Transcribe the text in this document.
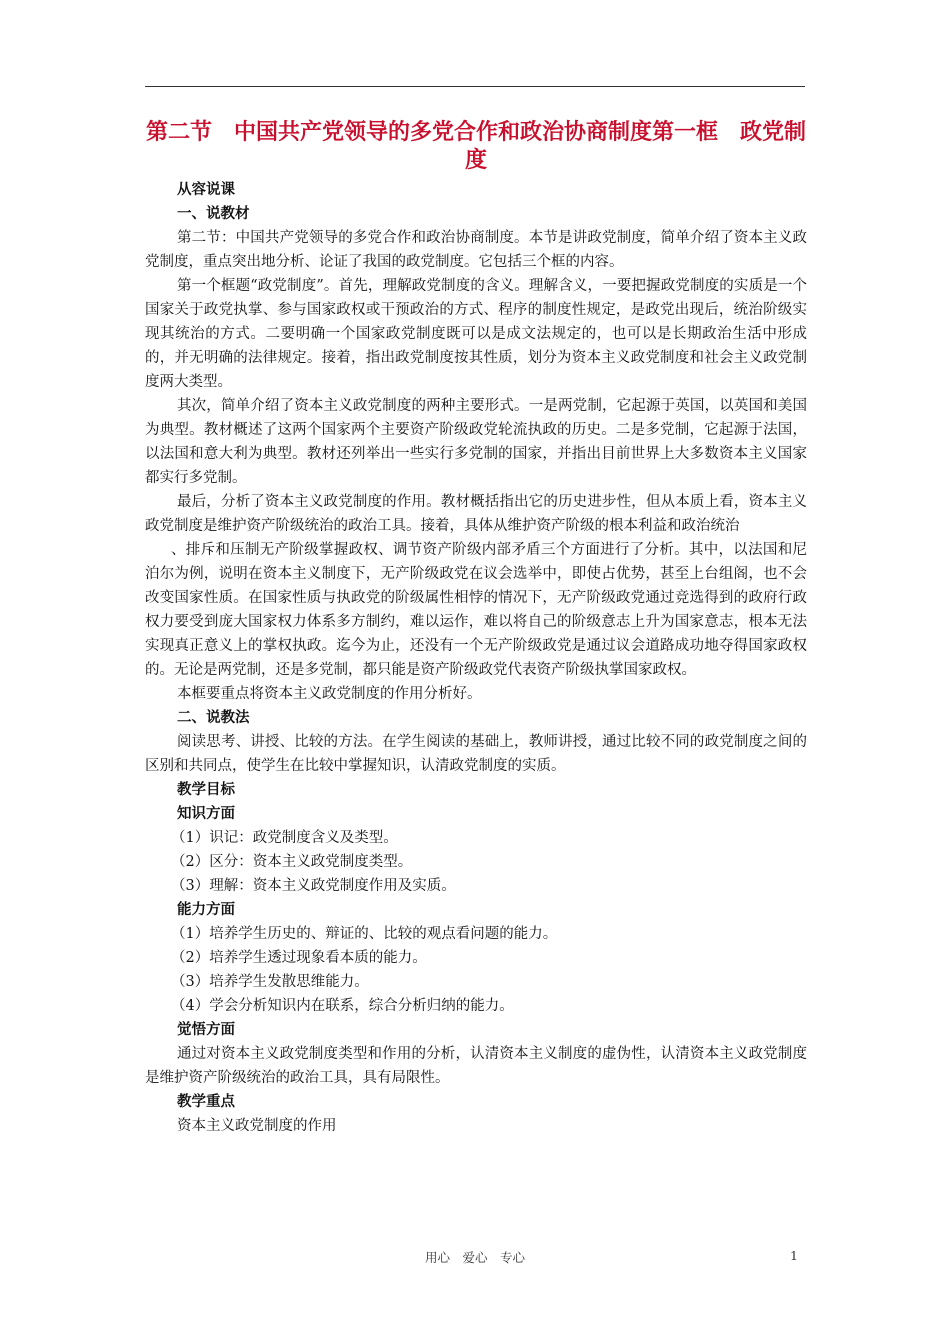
第二节　中国共产党领导的多党合作和政治协商制度第一框　政党制度

从容说课

一、说教材

第二节：中国共产党领导的多党合作和政治协商制度。本节是讲政党制度，简单介绍了资本主义政党制度，重点突出地分析、论证了我国的政党制度。它包括三个框的内容。

第一个框题“政党制度”。首先，理解政党制度的含义。理解含义，一要把握政党制度的实质是一个国家关于政党执掌、参与国家政权或干预政治的方式、程序的制度性规定，是政党出现后，统治阶级实现其统治的方式。二要明确一个国家政党制度既可以是成文法规定的，也可以是长期政治生活中形成的，并无明确的法律规定。接着，指出政党制度按其性质，划分为资本主义政党制度和社会主义政党制度两大类型。

其次，简单介绍了资本主义政党制度的两种主要形式。一是两党制，它起源于英国，以英国和美国为典型。教材概述了这两个国家两个主要资产阶级政党轮流执政的历史。二是多党制，它起源于法国，以法国和意大利为典型。教材还列举出一些实行多党制的国家，并指出目前世界上大多数资本主义国家都实行多党制。

最后，分析了资本主义政党制度的作用。教材概括指出它的历史进步性，但从本质上看，资本主义政党制度是维护资产阶级统治的政治工具。接着，具体从维护资产阶级的根本利益和政治统治

、排斥和压制无产阶级掌握政权、调节资产阶级内部矛盾三个方面进行了分析。其中，以法国和尼泊尔为例，说明在资本主义制度下，无产阶级政党在议会选举中，即使占优势，甚至上台组阁，也不会改变国家性质。在国家性质与执政党的阶级属性相悖的情况下，无产阶级政党通过竞选得到的政府行政权力要受到庞大国家权力体系多方制约，难以运作，难以将自己的阶级意志上升为国家意志，根本无法实现真正意义上的掌权执政。迄今为止，还没有一个无产阶级政党是通过议会道路成功地夺得国家政权的。无论是两党制，还是多党制，都只能是资产阶级政党代表资产阶级执掌国家政权。

本框要重点将资本主义政党制度的作用分析好。

二、说教法

阅读思考、讲授、比较的方法。在学生阅读的基础上，教师讲授，通过比较不同的政党制度之间的区别和共同点，使学生在比较中掌握知识，认清政党制度的实质。

教学目标

知识方面

（1）识记：政党制度含义及类型。

（2）区分：资本主义政党制度类型。

（3）理解：资本主义政党制度作用及实质。

能力方面

（1）培养学生历史的、辩证的、比较的观点看问题的能力。

（2）培养学生透过现象看本质的能力。

（3）培养学生发散思维能力。

（4）学会分析知识内在联系，综合分析归纳的能力。

觉悟方面

通过对资本主义政党制度类型和作用的分析，认清资本主义制度的虚伪性，认清资本主义政党制度是维护资产阶级统治的政治工具，具有局限性。

教学重点

资本主义政党制度的作用

用心　爱心　专心	1
